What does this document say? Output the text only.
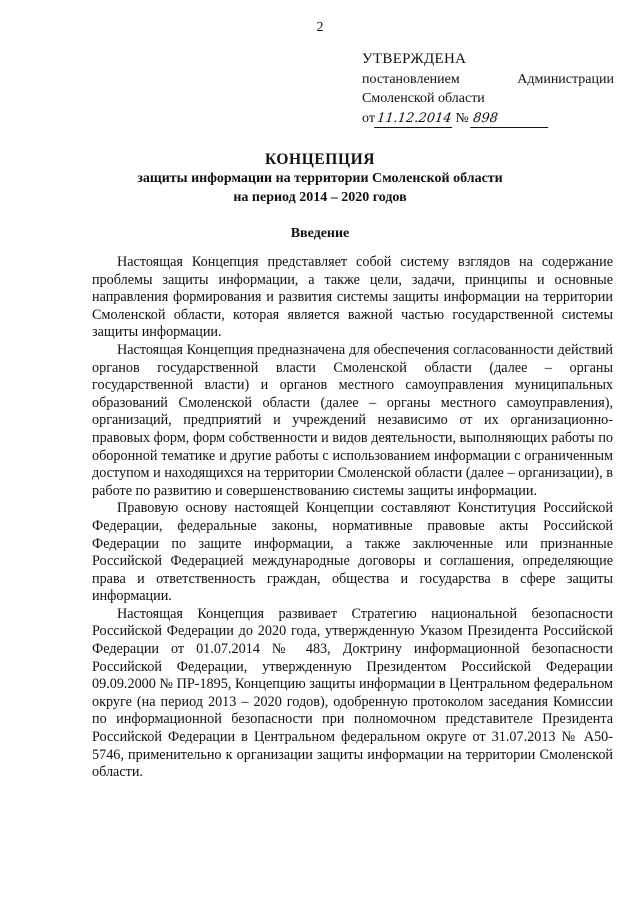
2
УТВЕРЖДЕНА
постановлением	Администрации
Смоленской области
от 11.12.2014 № 898
КОНЦЕПЦИЯ
защиты информации на территории Смоленской области
на период 2014 – 2020 годов
Введение

Настоящая Концепция представляет собой систему взглядов на содержание проблемы защиты информации, а также цели, задачи, принципы и основные направления формирования и развития системы защиты информации на территории Смоленской области, которая является важной частью государственной системы защиты информации.

Настоящая Концепция предназначена для обеспечения согласованности действий органов государственной власти Смоленской области (далее – органы государственной власти) и органов местного самоуправления муниципальных образований Смоленской области (далее – органы местного самоуправления), организаций, предприятий и учреждений независимо от их организационно-правовых форм, форм собственности и видов деятельности, выполняющих работы по оборонной тематике и другие работы с использованием информации с ограниченным доступом и находящихся на территории Смоленской области (далее – организации), в работе по развитию и совершенствованию системы защиты информации.

Правовую основу настоящей Концепции составляют Конституция Российской Федерации, федеральные законы, нормативные правовые акты Российской Федерации по защите информации, а также заключенные или признанные Российской Федерацией международные договоры и соглашения, определяющие права и ответственность граждан, общества и государства в сфере защиты информации.

Настоящая Концепция развивает Стратегию национальной безопасности Российской Федерации до 2020 года, утвержденную Указом Президента Российской Федерации от 01.07.2014 № 483, Доктрину информационной безопасности Российской Федерации, утвержденную Президентом Российской Федерации 09.09.2000 № ПР-1895, Концепцию защиты информации в Центральном федеральном округе (на период 2013 – 2020 годов), одобренную протоколом заседания Комиссии по информационной безопасности при полномочном представителе Президента Российской Федерации в Центральном федеральном округе от 31.07.2013 № А50-5746, применительно к организации защиты информации на территории Смоленской области.
